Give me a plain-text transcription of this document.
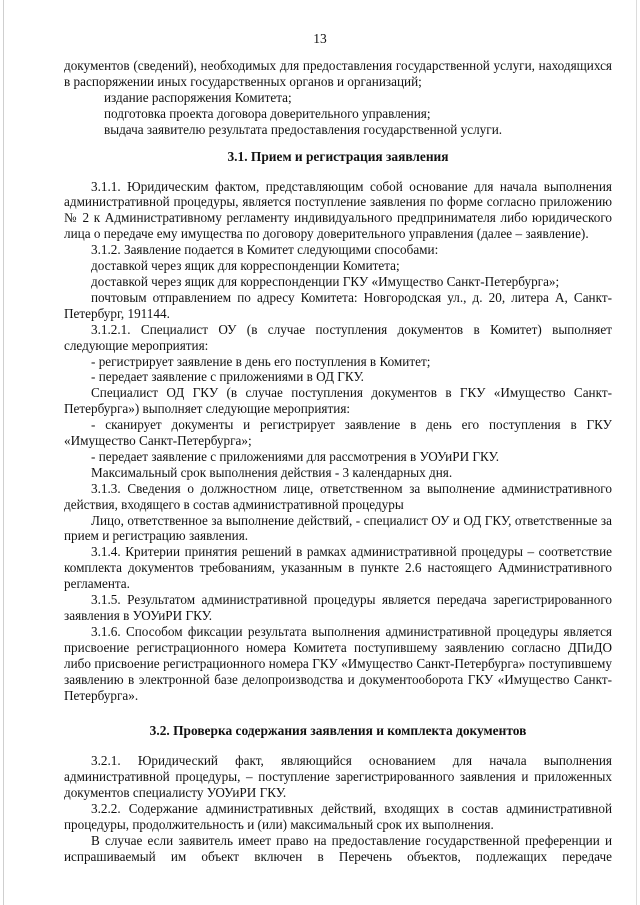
13

документов (сведений), необходимых для предоставления государственной услуги, находящихся в распоряжении иных государственных органов и организаций;

издание распоряжения Комитета;

подготовка проекта договора доверительного управления;

выдача заявителю результата предоставления государственной услуги.

3.1. Прием и регистрация заявления

3.1.1. Юридическим фактом, представляющим собой основание для начала выполнения административной процедуры, является поступление заявления по форме согласно приложению № 2 к Административному регламенту индивидуального предпринимателя либо юридического лица о передаче ему имущества по договору доверительного управления (далее – заявление).

3.1.2. Заявление подается в Комитет следующими способами:

доставкой через ящик для корреспонденции Комитета;

доставкой через ящик для корреспонденции ГКУ «Имущество Санкт-Петербурга»;

почтовым отправлением по адресу Комитета: Новгородская ул., д. 20, литера А, Санкт-Петербург, 191144.

3.1.2.1. Специалист ОУ (в случае поступления документов в Комитет) выполняет следующие мероприятия:

- регистрирует заявление в день его поступления в Комитет;

- передает заявление с приложениями в ОД ГКУ.

Специалист ОД ГКУ (в случае поступления документов в ГКУ «Имущество Санкт-Петербурга») выполняет следующие мероприятия:

- сканирует документы и регистрирует заявление в день его поступления в ГКУ «Имущество Санкт-Петербурга»;

- передает заявление с приложениями для рассмотрения в УОУиРИ ГКУ.

Максимальный срок выполнения действия - 3 календарных дня.

3.1.3. Сведения о должностном лице, ответственном за выполнение административного действия, входящего в состав административной процедуры

Лицо, ответственное за выполнение действий, - специалист ОУ и ОД ГКУ, ответственные за прием и регистрацию заявления.

3.1.4. Критерии принятия решений в рамках административной процедуры – соответствие комплекта документов требованиям, указанным в пункте 2.6 настоящего Административного регламента.

3.1.5. Результатом административной процедуры является передача зарегистрированного заявления в УОУиРИ ГКУ.

3.1.6. Способом фиксации результата выполнения административной процедуры является присвоение регистрационного номера Комитета поступившему заявлению согласно ДПиДО либо присвоение регистрационного номера ГКУ «Имущество Санкт-Петербурга» поступившему заявлению в электронной базе делопроизводства и документооборота ГКУ «Имущество Санкт-Петербурга».

3.2. Проверка содержания заявления и комплекта документов

3.2.1. Юридический факт, являющийся основанием для начала выполнения административной процедуры, – поступление зарегистрированного заявления и приложенных документов специалисту УОУиРИ ГКУ.

3.2.2. Содержание административных действий, входящих в состав административной процедуры, продолжительность и (или) максимальный срок их выполнения.

В случае если заявитель имеет право на предоставление государственной преференции и испрашиваемый им объект включен в Перечень объектов, подлежащих передаче
